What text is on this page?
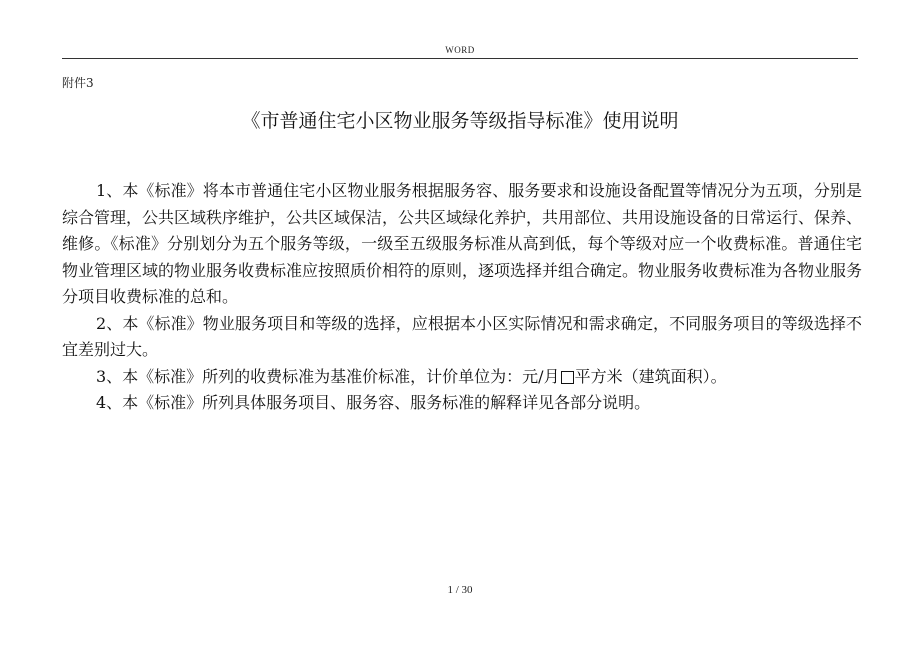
WORD
附件3
《市普通住宅小区物业服务等级指导标准》使用说明

1、本《标准》将本市普通住宅小区物业服务根据服务容、服务要求和设施设备配置等情况分为五项，分别是综合管理，公共区域秩序维护，公共区域保洁，公共区域绿化养护，共用部位、共用设施设备的日常运行、保养、维修。《标准》分别划分为五个服务等级，一级至五级服务标准从高到低，每个等级对应一个收费标准。普通住宅物业管理区域的物业服务收费标准应按照质价相符的原则，逐项选择并组合确定。物业服务收费标准为各物业服务分项目收费标准的总和。

2、本《标准》物业服务项目和等级的选择，应根据本小区实际情况和需求确定，不同服务项目的等级选择不宜差别过大。

3、本《标准》所列的收费标准为基准价标准，计价单位为：元/月 平方米（建筑面积）。

4、本《标准》所列具体服务项目、服务容、服务标准的解释详见各部分说明。

1 / 30
